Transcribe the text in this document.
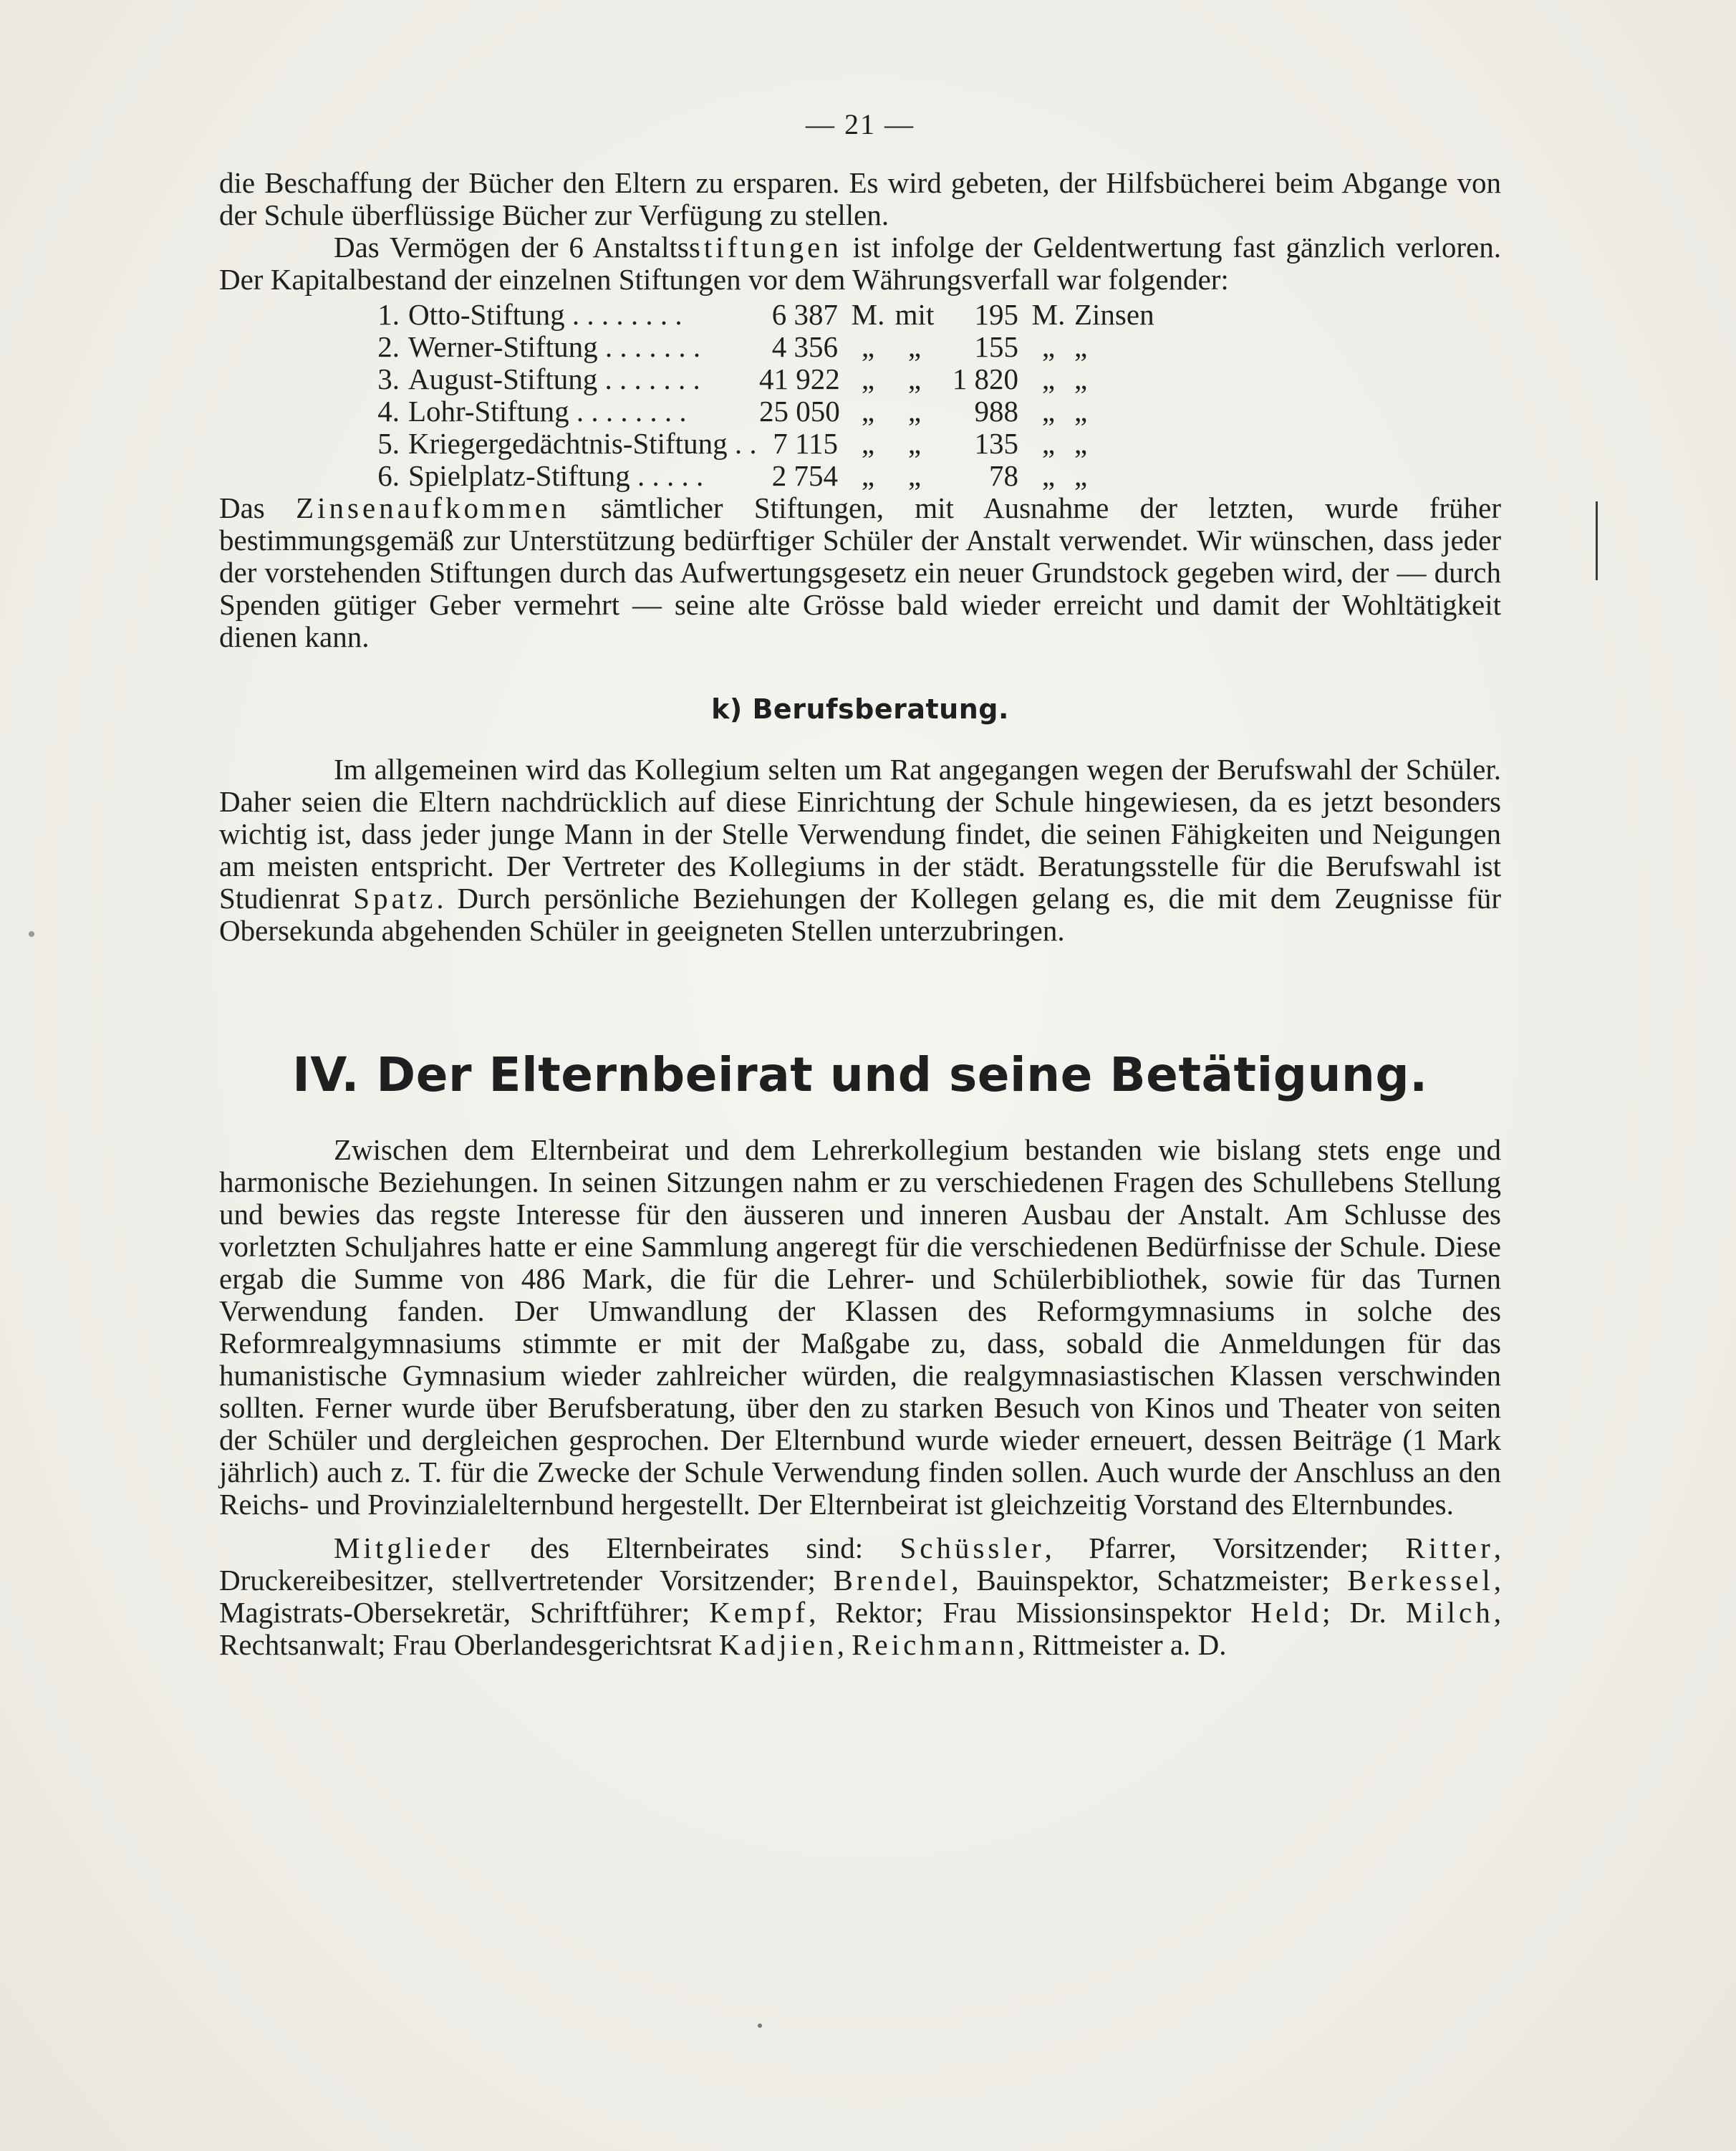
— 21 —

die Beschaffung der Bücher den Eltern zu ersparen. Es wird gebeten, der Hilfsbücherei beim Abgange von der Schule überflüssige Bücher zur Verfügung zu stellen.

Das Vermögen der 6 Anstaltsstiftungen ist infolge der Geldentwertung fast gänzlich verloren. Der Kapitalbestand der einzelnen Stiftungen vor dem Währungsverfall war folgender:

1. Otto-Stiftung . . . . . . . .	6 387 M. mit	195 M. Zinsen
2. Werner-Stiftung . . . . . . .	4 356 „	„	155 „ „
3. August-Stiftung . . . . . . .	41 922 „	„	1 820 „ „
4. Lohr-Stiftung . . . . . . . .	25 050 „	„	988 „ „
5. Kriegergedächtnis-Stiftung . . 7 115 „	„	135 „ „
6. Spielplatz-Stiftung . . . . .	2 754 „	„	78 „ „

Das Zinsenaufkommen sämtlicher Stiftungen, mit Ausnahme der letzten, wurde früher bestimmungsgemäß zur Unterstützung bedürftiger Schüler der Anstalt verwendet. Wir wünschen, dass jeder der vorstehenden Stiftungen durch das Aufwertungsgesetz ein neuer Grundstock gegeben wird, der — durch Spenden gütiger Geber vermehrt — seine alte Grösse bald wieder erreicht und damit der Wohltätigkeit dienen kann.

k) Berufsberatung.

Im allgemeinen wird das Kollegium selten um Rat angegangen wegen der Berufswahl der Schüler. Daher seien die Eltern nachdrücklich auf diese Einrichtung der Schule hingewiesen, da es jetzt besonders wichtig ist, dass jeder junge Mann in der Stelle Verwendung findet, die seinen Fähigkeiten und Neigungen am meisten entspricht. Der Vertreter des Kollegiums in der städt. Beratungsstelle für die Berufswahl ist Studienrat Spatz. Durch persönliche Beziehungen der Kollegen gelang es, die mit dem Zeugnisse für Obersekunda abgehenden Schüler in geeigneten Stellen unterzubringen.

IV. Der Elternbeirat und seine Betätigung.

Zwischen dem Elternbeirat und dem Lehrerkollegium bestanden wie bislang stets enge und harmonische Beziehungen. In seinen Sitzungen nahm er zu verschiedenen Fragen des Schullebens Stellung und bewies das regste Interesse für den äusseren und inneren Ausbau der Anstalt. Am Schlusse des vorletzten Schuljahres hatte er eine Sammlung angeregt für die verschiedenen Bedürfnisse der Schule. Diese ergab die Summe von 486 Mark, die für die Lehrer- und Schülerbibliothek, sowie für das Turnen Verwendung fanden. Der Umwandlung der Klassen des Reformgymnasiums in solche des Reformrealgymnasiums stimmte er mit der Maßgabe zu, dass, sobald die Anmeldungen für das humanistische Gymnasium wieder zahlreicher würden, die realgymnasiastischen Klassen verschwinden sollten. Ferner wurde über Berufsberatung, über den zu starken Besuch von Kinos und Theater von seiten der Schüler und dergleichen gesprochen. Der Elternbund wurde wieder erneuert, dessen Beiträge (1 Mark jährlich) auch z. T. für die Zwecke der Schule Verwendung finden sollen. Auch wurde der Anschluss an den Reichs- und Provinzialelternbund hergestellt. Der Elternbeirat ist gleichzeitig Vorstand des Elternbundes.

Mitglieder des Elternbeirates sind: Schüssler, Pfarrer, Vorsitzender; Ritter, Druckereibesitzer, stellvertretender Vorsitzender; Brendel, Bauinspektor, Schatzmeister; Berkessel, Magistrats-Obersekretär, Schriftführer; Kempf, Rektor; Frau Missionsinspektor Held; Dr. Milch, Rechtsanwalt; Frau Oberlandesgerichtsrat Kadjien, Reichmann, Rittmeister a. D.
